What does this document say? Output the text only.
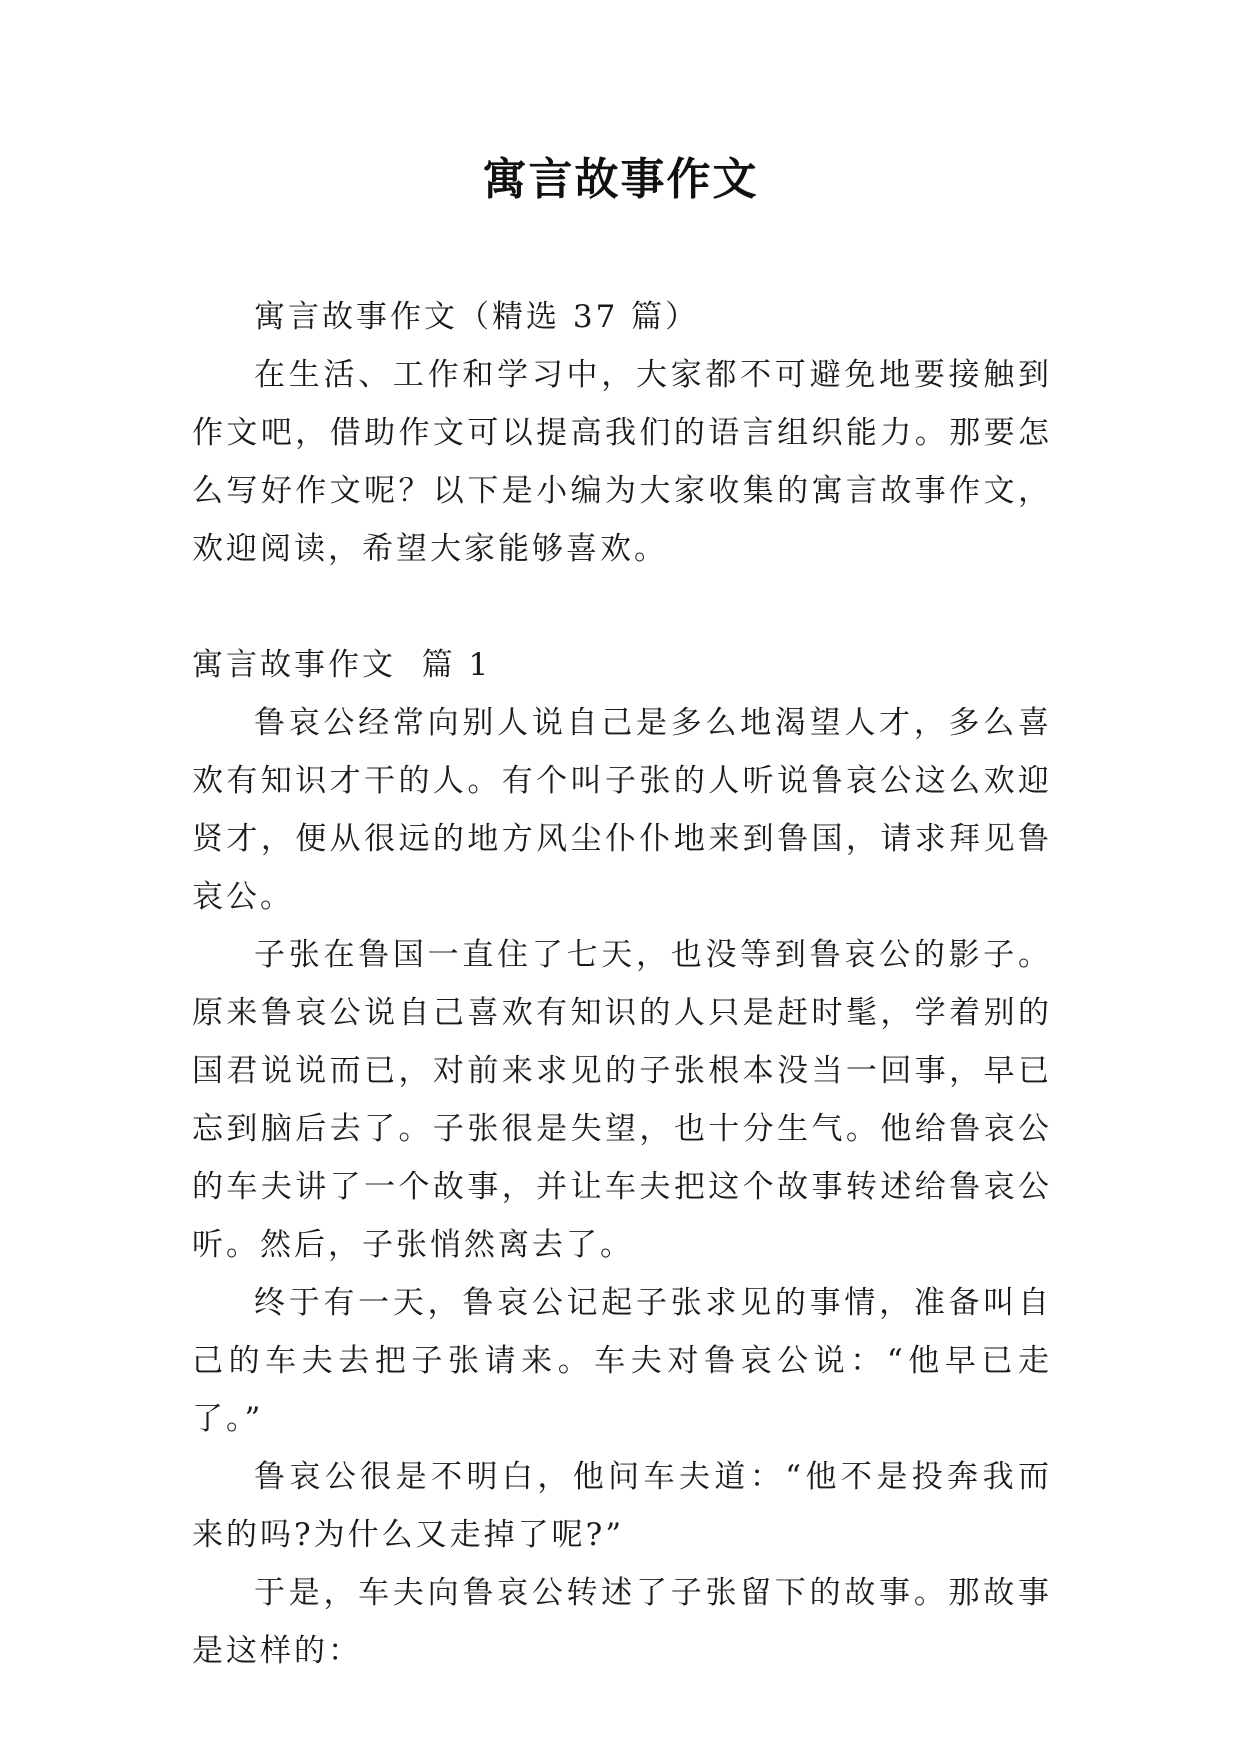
寓言故事作文

寓言故事作文（精选 37 篇）

在生活、工作和学习中，大家都不可避免地要接触到作文吧，借助作文可以提高我们的语言组织能力。那要怎么写好作文呢？以下是小编为大家收集的寓言故事作文，欢迎阅读，希望大家能够喜欢。

寓言故事作文  篇 1

鲁哀公经常向别人说自己是多么地渴望人才，多么喜欢有知识才干的人。有个叫子张的人听说鲁哀公这么欢迎贤才，便从很远的地方风尘仆仆地来到鲁国，请求拜见鲁哀公。

子张在鲁国一直住了七天，也没等到鲁哀公的影子。原来鲁哀公说自己喜欢有知识的人只是赶时髦，学着别的国君说说而已，对前来求见的子张根本没当一回事，早已忘到脑后去了。子张很是失望，也十分生气。他给鲁哀公的车夫讲了一个故事，并让车夫把这个故事转述给鲁哀公听。然后，子张悄然离去了。

终于有一天，鲁哀公记起子张求见的事情，准备叫自己的车夫去把子张请来。车夫对鲁哀公说：“他早已走了。”

鲁哀公很是不明白，他问车夫道：“他不是投奔我而来的吗?为什么又走掉了呢?”

于是，车夫向鲁哀公转述了子张留下的故事。那故事是这样的：
